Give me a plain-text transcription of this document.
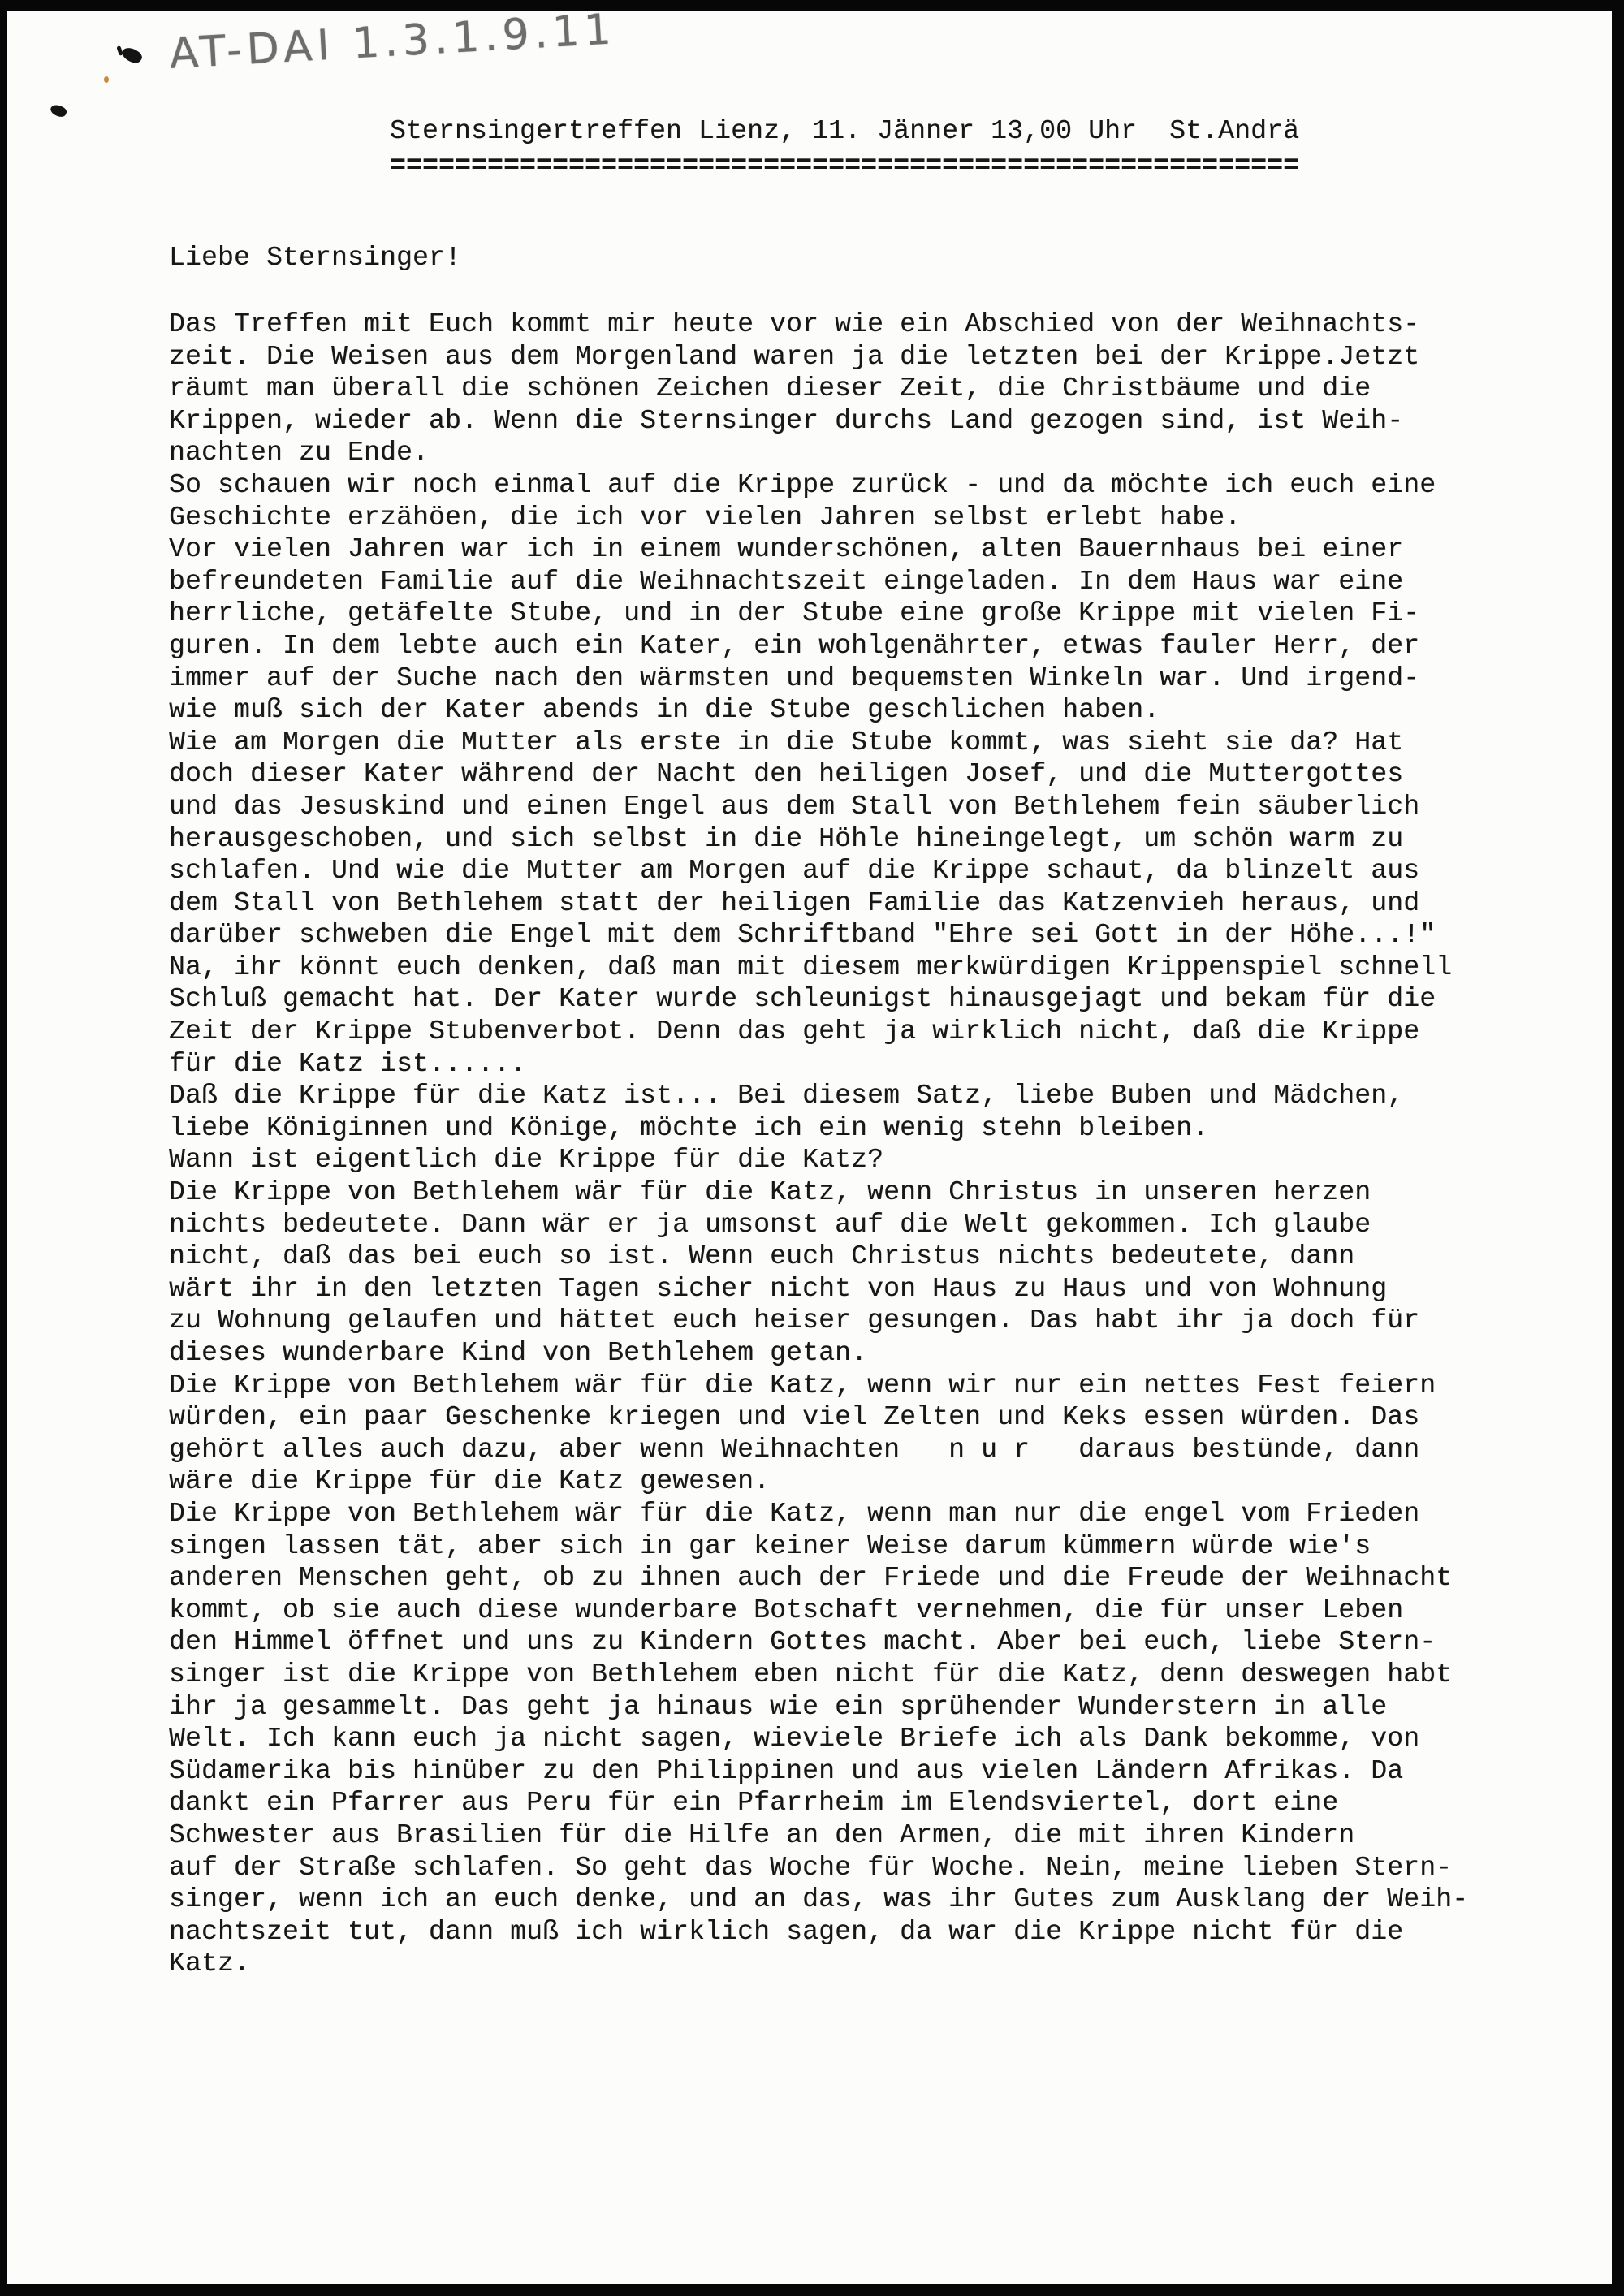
AT-DAI 1.3.1.9.11
Sternsingertreffen Lienz, 11. Jänner 13,00 Uhr  St.Andrä
========================================================
Liebe Sternsinger!
Das Treffen mit Euch kommt mir heute vor wie ein Abschied von der Weihnachts-
zeit. Die Weisen aus dem Morgenland waren ja die letzten bei der Krippe.Jetzt
räumt man überall die schönen Zeichen dieser Zeit, die Christbäume und die
Krippen, wieder ab. Wenn die Sternsinger durchs Land gezogen sind, ist Weih-
nachten zu Ende.
So schauen wir noch einmal auf die Krippe zurück - und da möchte ich euch eine
Geschichte erzähöen, die ich vor vielen Jahren selbst erlebt habe.
Vor vielen Jahren war ich in einem wunderschönen, alten Bauernhaus bei einer
befreundeten Familie auf die Weihnachtszeit eingeladen. In dem Haus war eine
herrliche, getäfelte Stube, und in der Stube eine große Krippe mit vielen Fi-
guren. In dem lebte auch ein Kater, ein wohlgenährter, etwas fauler Herr, der
immer auf der Suche nach den wärmsten und bequemsten Winkeln war. Und irgend-
wie muß sich der Kater abends in die Stube geschlichen haben.
Wie am Morgen die Mutter als erste in die Stube kommt, was sieht sie da? Hat
doch dieser Kater während der Nacht den heiligen Josef, und die Muttergottes
und das Jesuskind und einen Engel aus dem Stall von Bethlehem fein säuberlich
herausgeschoben, und sich selbst in die Höhle hineingelegt, um schön warm zu
schlafen. Und wie die Mutter am Morgen auf die Krippe schaut, da blinzelt aus
dem Stall von Bethlehem statt der heiligen Familie das Katzenvieh heraus, und
darüber schweben die Engel mit dem Schriftband "Ehre sei Gott in der Höhe...!"
Na, ihr könnt euch denken, daß man mit diesem merkwürdigen Krippenspiel schnell
Schluß gemacht hat. Der Kater wurde schleunigst hinausgejagt und bekam für die
Zeit der Krippe Stubenverbot. Denn das geht ja wirklich nicht, daß die Krippe
für die Katz ist......
Daß die Krippe für die Katz ist... Bei diesem Satz, liebe Buben und Mädchen,
liebe Königinnen und Könige, möchte ich ein wenig stehn bleiben.
Wann ist eigentlich die Krippe für die Katz?
Die Krippe von Bethlehem wär für die Katz, wenn Christus in unseren herzen
nichts bedeutete. Dann wär er ja umsonst auf die Welt gekommen. Ich glaube
nicht, daß das bei euch so ist. Wenn euch Christus nichts bedeutete, dann
wärt ihr in den letzten Tagen sicher nicht von Haus zu Haus und von Wohnung
zu Wohnung gelaufen und hättet euch heiser gesungen. Das habt ihr ja doch für
dieses wunderbare Kind von Bethlehem getan.
Die Krippe von Bethlehem wär für die Katz, wenn wir nur ein nettes Fest feiern
würden, ein paar Geschenke kriegen und viel Zelten und Keks essen würden. Das
gehört alles auch dazu, aber wenn Weihnachten   n u r   daraus bestünde, dann
wäre die Krippe für die Katz gewesen.
Die Krippe von Bethlehem wär für die Katz, wenn man nur die engel vom Frieden
singen lassen tät, aber sich in gar keiner Weise darum kümmern würde wie's
anderen Menschen geht, ob zu ihnen auch der Friede und die Freude der Weihnacht
kommt, ob sie auch diese wunderbare Botschaft vernehmen, die für unser Leben
den Himmel öffnet und uns zu Kindern Gottes macht. Aber bei euch, liebe Stern-
singer ist die Krippe von Bethlehem eben nicht für die Katz, denn deswegen habt
ihr ja gesammelt. Das geht ja hinaus wie ein sprühender Wunderstern in alle
Welt. Ich kann euch ja nicht sagen, wieviele Briefe ich als Dank bekomme, von
Südamerika bis hinüber zu den Philippinen und aus vielen Ländern Afrikas. Da
dankt ein Pfarrer aus Peru für ein Pfarrheim im Elendsviertel, dort eine
Schwester aus Brasilien für die Hilfe an den Armen, die mit ihren Kindern
auf der Straße schlafen. So geht das Woche für Woche. Nein, meine lieben Stern-
singer, wenn ich an euch denke, und an das, was ihr Gutes zum Ausklang der Weih-
nachtszeit tut, dann muß ich wirklich sagen, da war die Krippe nicht für die
Katz.
